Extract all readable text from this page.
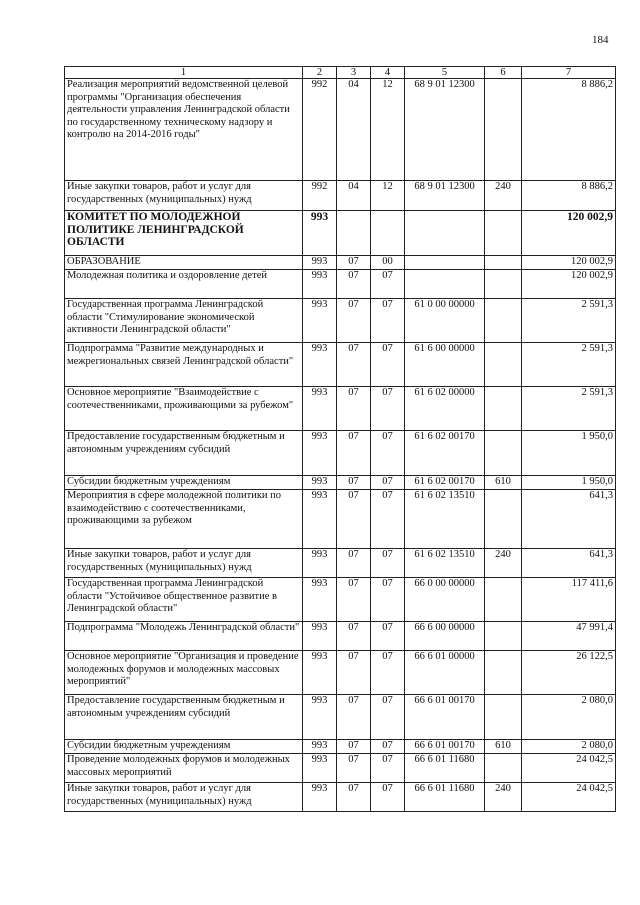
184
1	2	3	4	5	6	7
Реализация мероприятий ведомственной целевой программы "Организация обеспечения деятельности управления Ленинградской области по государственному техническому надзору и контролю на 2014-2016 годы"	992	04	12	68 9 01 12300		8 886,2
Иные закупки товаров, работ и услуг для государственных (муниципальных) нужд	992	04	12	68 9 01 12300	240	8 886,2
КОМИТЕТ ПО МОЛОДЕЖНОЙ ПОЛИТИКЕ ЛЕНИНГРАДСКОЙ ОБЛАСТИ	993					120 002,9
ОБРАЗОВАНИЕ	993	07	00			120 002,9
Молодежная политика и оздоровление детей	993	07	07			120 002,9
Государственная программа Ленинградской области "Стимулирование экономической активности Ленинградской области"	993	07	07	61 0 00 00000		2 591,3
Подпрограмма "Развитие международных и межрегиональных связей Ленинградской области"	993	07	07	61 6 00 00000		2 591,3
Основное мероприятие "Взаимодействие с соотечественниками, проживающими за рубежом"	993	07	07	61 6 02 00000		2 591,3
Предоставление государственным бюджетным и автономным учреждениям субсидий	993	07	07	61 6 02 00170		1 950,0
Субсидии бюджетным учреждениям	993	07	07	61 6 02 00170	610	1 950,0
Мероприятия в сфере молодежной политики по взаимодействию с соотечественниками, проживающими за рубежом	993	07	07	61 6 02 13510		641,3
Иные закупки товаров, работ и услуг для государственных (муниципальных) нужд	993	07	07	61 6 02 13510	240	641,3
Государственная программа Ленинградской области "Устойчивое общественное развитие в Ленинградской области"	993	07	07	66 0 00 00000		117 411,6
Подпрограмма "Молодежь Ленинградской области"	993	07	07	66 6 00 00000		47 991,4
Основное мероприятие "Организация и проведение молодежных форумов и молодежных массовых мероприятий"	993	07	07	66 6 01 00000		26 122,5
Предоставление государственным бюджетным и автономным учреждениям субсидий	993	07	07	66 6 01 00170		2 080,0
Субсидии бюджетным учреждениям	993	07	07	66 6 01 00170	610	2 080,0
Проведение молодежных форумов и молодежных массовых мероприятий	993	07	07	66 6 01 11680		24 042,5
Иные закупки товаров, работ и услуг для государственных (муниципальных) нужд	993	07	07	66 6 01 11680	240	24 042,5
